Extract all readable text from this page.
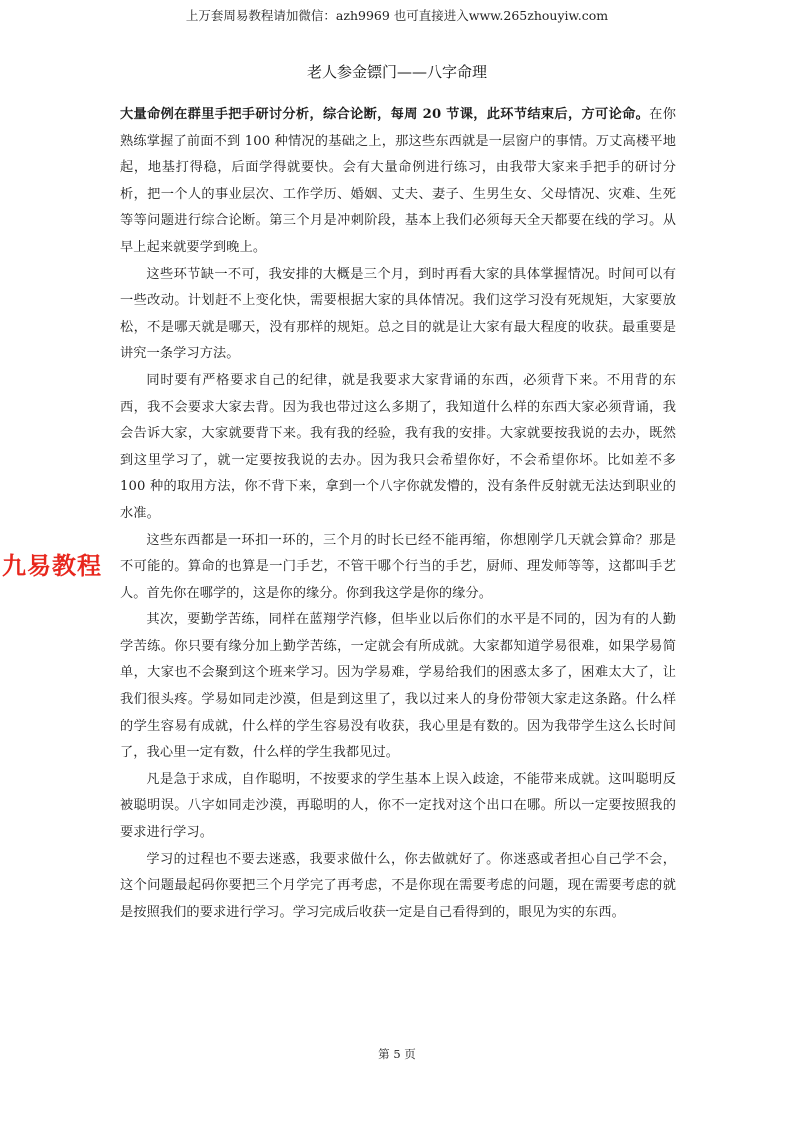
上万套周易教程请加微信：azh9969 也可直接进入www.265zhouyiw.com
老人参金镖门——八字命理

大量命例在群里手把手研讨分析，综合论断，每周 20 节课，此环节结束后，方可论命。在你熟练掌握了前面不到 100 种情况的基础之上，那这些东西就是一层窗户的事情。万丈高楼平地起，地基打得稳，后面学得就要快。会有大量命例进行练习，由我带大家来手把手的研讨分析，把一个人的事业层次、工作学历、婚姻、丈夫、妻子、生男生女、父母情况、灾难、生死等等问题进行综合论断。第三个月是冲刺阶段，基本上我们必须每天全天都要在线的学习。从早上起来就要学到晚上。

这些环节缺一不可，我安排的大概是三个月，到时再看大家的具体掌握情况。时间可以有一些改动。计划赶不上变化快，需要根据大家的具体情况。我们这学习没有死规矩，大家要放松，不是哪天就是哪天，没有那样的规矩。总之目的就是让大家有最大程度的收获。最重要是讲究一条学习方法。

同时要有严格要求自己的纪律，就是我要求大家背诵的东西，必须背下来。不用背的东西，我不会要求大家去背。因为我也带过这么多期了，我知道什么样的东西大家必须背诵，我会告诉大家，大家就要背下来。我有我的经验，我有我的安排。大家就要按我说的去办，既然到这里学习了，就一定要按我说的去办。因为我只会希望你好，不会希望你坏。比如差不多 100 种的取用方法，你不背下来，拿到一个八字你就发懵的，没有条件反射就无法达到职业的水准。

这些东西都是一环扣一环的，三个月的时长已经不能再缩，你想刚学几天就会算命？那是不可能的。算命的也算是一门手艺，不管干哪个行当的手艺，厨师、理发师等等，这都叫手艺人。首先你在哪学的，这是你的缘分。你到我这学是你的缘分。

其次，要勤学苦练，同样在蓝翔学汽修，但毕业以后你们的水平是不同的，因为有的人勤学苦练。你只要有缘分加上勤学苦练，一定就会有所成就。大家都知道学易很难，如果学易简单，大家也不会聚到这个班来学习。因为学易难，学易给我们的困惑太多了，困难太大了，让我们很头疼。学易如同走沙漠，但是到这里了，我以过来人的身份带领大家走这条路。什么样的学生容易有成就，什么样的学生容易没有收获，我心里是有数的。因为我带学生这么长时间了，我心里一定有数，什么样的学生我都见过。

凡是急于求成，自作聪明，不按要求的学生基本上误入歧途，不能带来成就。这叫聪明反被聪明误。八字如同走沙漠，再聪明的人，你不一定找对这个出口在哪。所以一定要按照我的要求进行学习。

学习的过程也不要去迷惑，我要求做什么，你去做就好了。你迷惑或者担心自己学不会，这个问题最起码你要把三个月学完了再考虑，不是你现在需要考虑的问题，现在需要考虑的就是按照我们的要求进行学习。学习完成后收获一定是自己看得到的，眼见为实的东西。

九易教程
第 5 页
